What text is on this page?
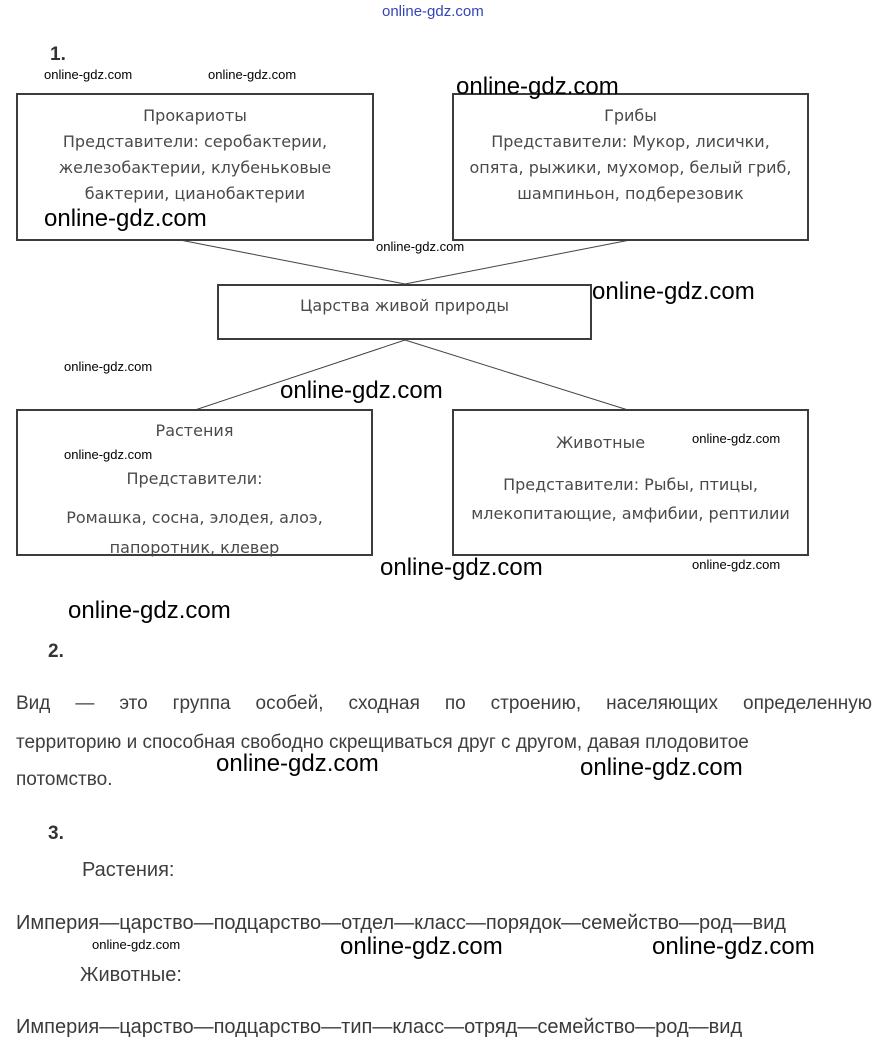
online-gdz.com
1.
Прокариоты
Представители: серобактерии,
железобактерии, клубеньковые
бактерии, цианобактерии
Грибы
Представители: Мукор, лисички,
опята, рыжики, мухомор, белый гриб,
шампиньон, подберезовик
Царства живой природы
Растения
Представители:
Ромашка, сосна, элодея, алоэ,
папоротник, клевер
Животные
Представители: Рыбы, птицы,
млекопитающие, амфибии, рептилии
2.
Вид — это группа особей, сходная по строению, населяющих определенную
территорию и способная свободно скрещиваться друг с другом, давая плодовитое
потомство.
3.
Растения:
Империя—царство—подцарство—отдел—класс—порядок—семейство—род—вид
Животные:
Империя—царство—подцарство—тип—класс—отряд—семейство—род—вид
online-gdz.com	online-gdz.com	online-gdz.com
online-gdz.com
online-gdz.com
online-gdz.com
online-gdz.com
online-gdz.com
online-gdz.com
online-gdz.com
online-gdz.com	online-gdz.com
online-gdz.com
online-gdz.com	online-gdz.com
online-gdz.com	online-gdz.com	online-gdz.com
